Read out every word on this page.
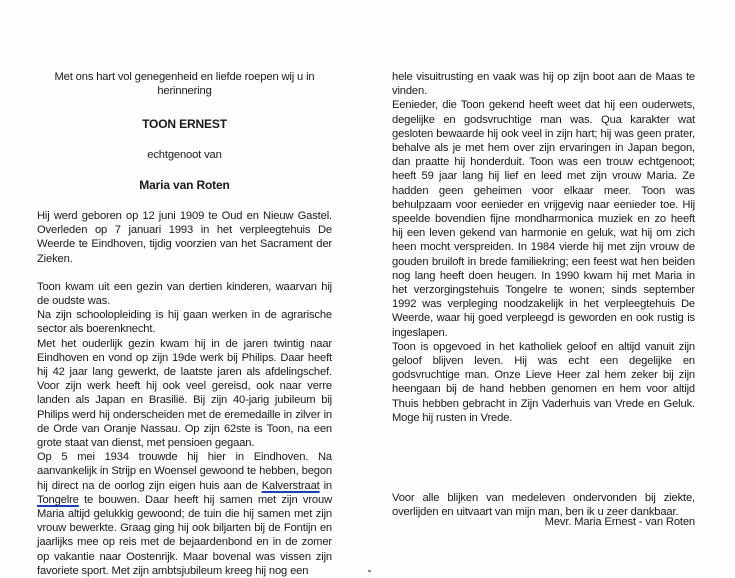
Met ons hart vol genegenheid en liefde roepen wij u in herinnering
TOON ERNEST
echtgenoot van
Maria van Roten

Hij werd geboren op 12 juni 1909 te Oud en Nieuw Gastel. Overleden op 7 januari 1993 in het verpleegtehuis De Weerde te Eindhoven, tijdig voorzien van het Sacrament der Zieken.

Toon kwam uit een gezin van dertien kinderen, waarvan hij de oudste was.

Na zijn schoolopleiding is hij gaan werken in de agrarische sector als boerenknecht.

Met het ouderlijk gezin kwam hij in de jaren twintig naar Eindhoven en vond op zijn 19de werk bij Philips. Daar heeft hij 42 jaar lang gewerkt, de laatste jaren als afdelingschef. Voor zijn werk heeft hij ook veel gereisd, ook naar verre landen als Japan en Brasilië. Bij zijn 40-jarig jubileum bij Philips werd hij onderscheiden met de eremedaille in zilver in de Orde van Oranje Nassau. Op zijn 62ste is Toon, na een grote staat van dienst, met pensioen gegaan.

Op 5 mei 1934 trouwde hij hier in Eindhoven. Na aanvankelijk in Strijp en Woensel gewoond te hebben, begon hij direct na de oorlog zijn eigen huis aan de Kalverstraat in Tongelre te bouwen. Daar heeft hij samen met zijn vrouw Maria altijd gelukkig gewoond; de tuin die hij samen met zijn vrouw bewerkte. Graag ging hij ook biljarten bij de Fontijn en jaarlijks mee op reis met de bejaardenbond en in de zomer op vakantie naar Oostenrijk. Maar bovenal was vissen zijn favoriete sport. Met zijn ambtsjubileum kreeg hij nog een

hele visuitrusting en vaak was hij op zijn boot aan de Maas te vinden.

Eenieder, die Toon gekend heeft weet dat hij een ouderwets, degelijke en godsvruchtige man was. Qua karakter wat gesloten bewaarde hij ook veel in zijn hart; hij was geen prater, behalve als je met hem over zijn ervaringen in Japan begon, dan praatte hij honderduit. Toon was een trouw echtgenoot; heeft 59 jaar lang hij lief en leed met zijn vrouw Maria. Ze hadden geen geheimen voor elkaar meer. Toon was behulpzaam voor eenieder en vrijgevig naar eenieder toe. Hij speelde bovendien fijne mondharmonica muziek en zo heeft hij een leven gekend van harmonie en geluk, wat hij om zich heen mocht verspreiden. In 1984 vierde hij met zijn vrouw de gouden bruiloft in brede familiekring; een feest wat hen beiden nog lang heeft doen heugen. In 1990 kwam hij met Maria in het verzorgingstehuis Tongelre te wonen; sinds september 1992 was verpleging noodzakelijk in het verpleegtehuis De Weerde, waar hij goed verpleegd is geworden en ook rustig is ingeslapen.

Toon is opgevoed in het katholiek geloof en altijd vanuit zijn geloof blijven leven. Hij was echt een degelijke en godsvruchtige man. Onze Lieve Heer zal hem zeker bij zijn heengaan bij de hand hebben genomen en hem voor altijd Thuis hebben gebracht in Zijn Vaderhuis van Vrede en Geluk. Moge hij rusten in Vrede.

Voor alle blijken van medeleven ondervonden bij ziekte, overlijden en uitvaart van mijn man, ben ik u zeer dankbaar.
Mevr. Maria Ernest - van Roten
